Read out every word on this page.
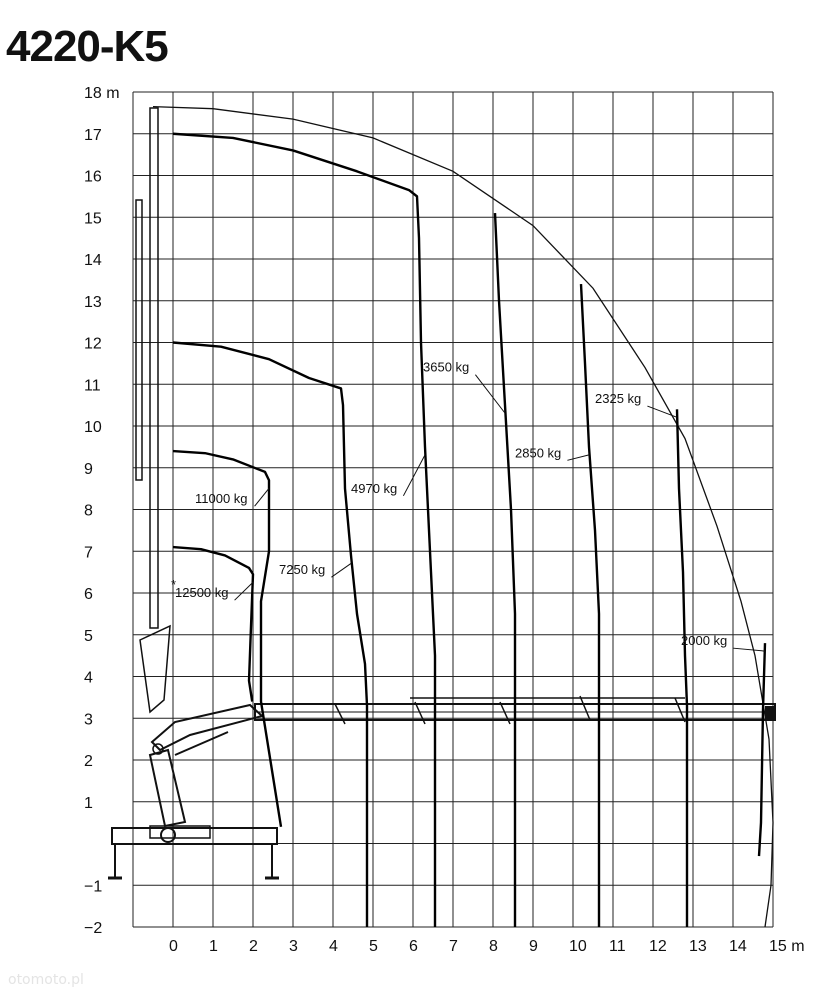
4220-K5
0 1 2 3 4 5 6 7 8 9 10 11 12 13 14 15 m
18 m
17
16
15
14
13
12
11
10
9
8
7
6
5
4
3
2
1
−1
−2
12500 kg
*
11000 kg
7250 kg
4970 kg
3650 kg
2850 kg
2325 kg
2000 kg
otomoto.pl
